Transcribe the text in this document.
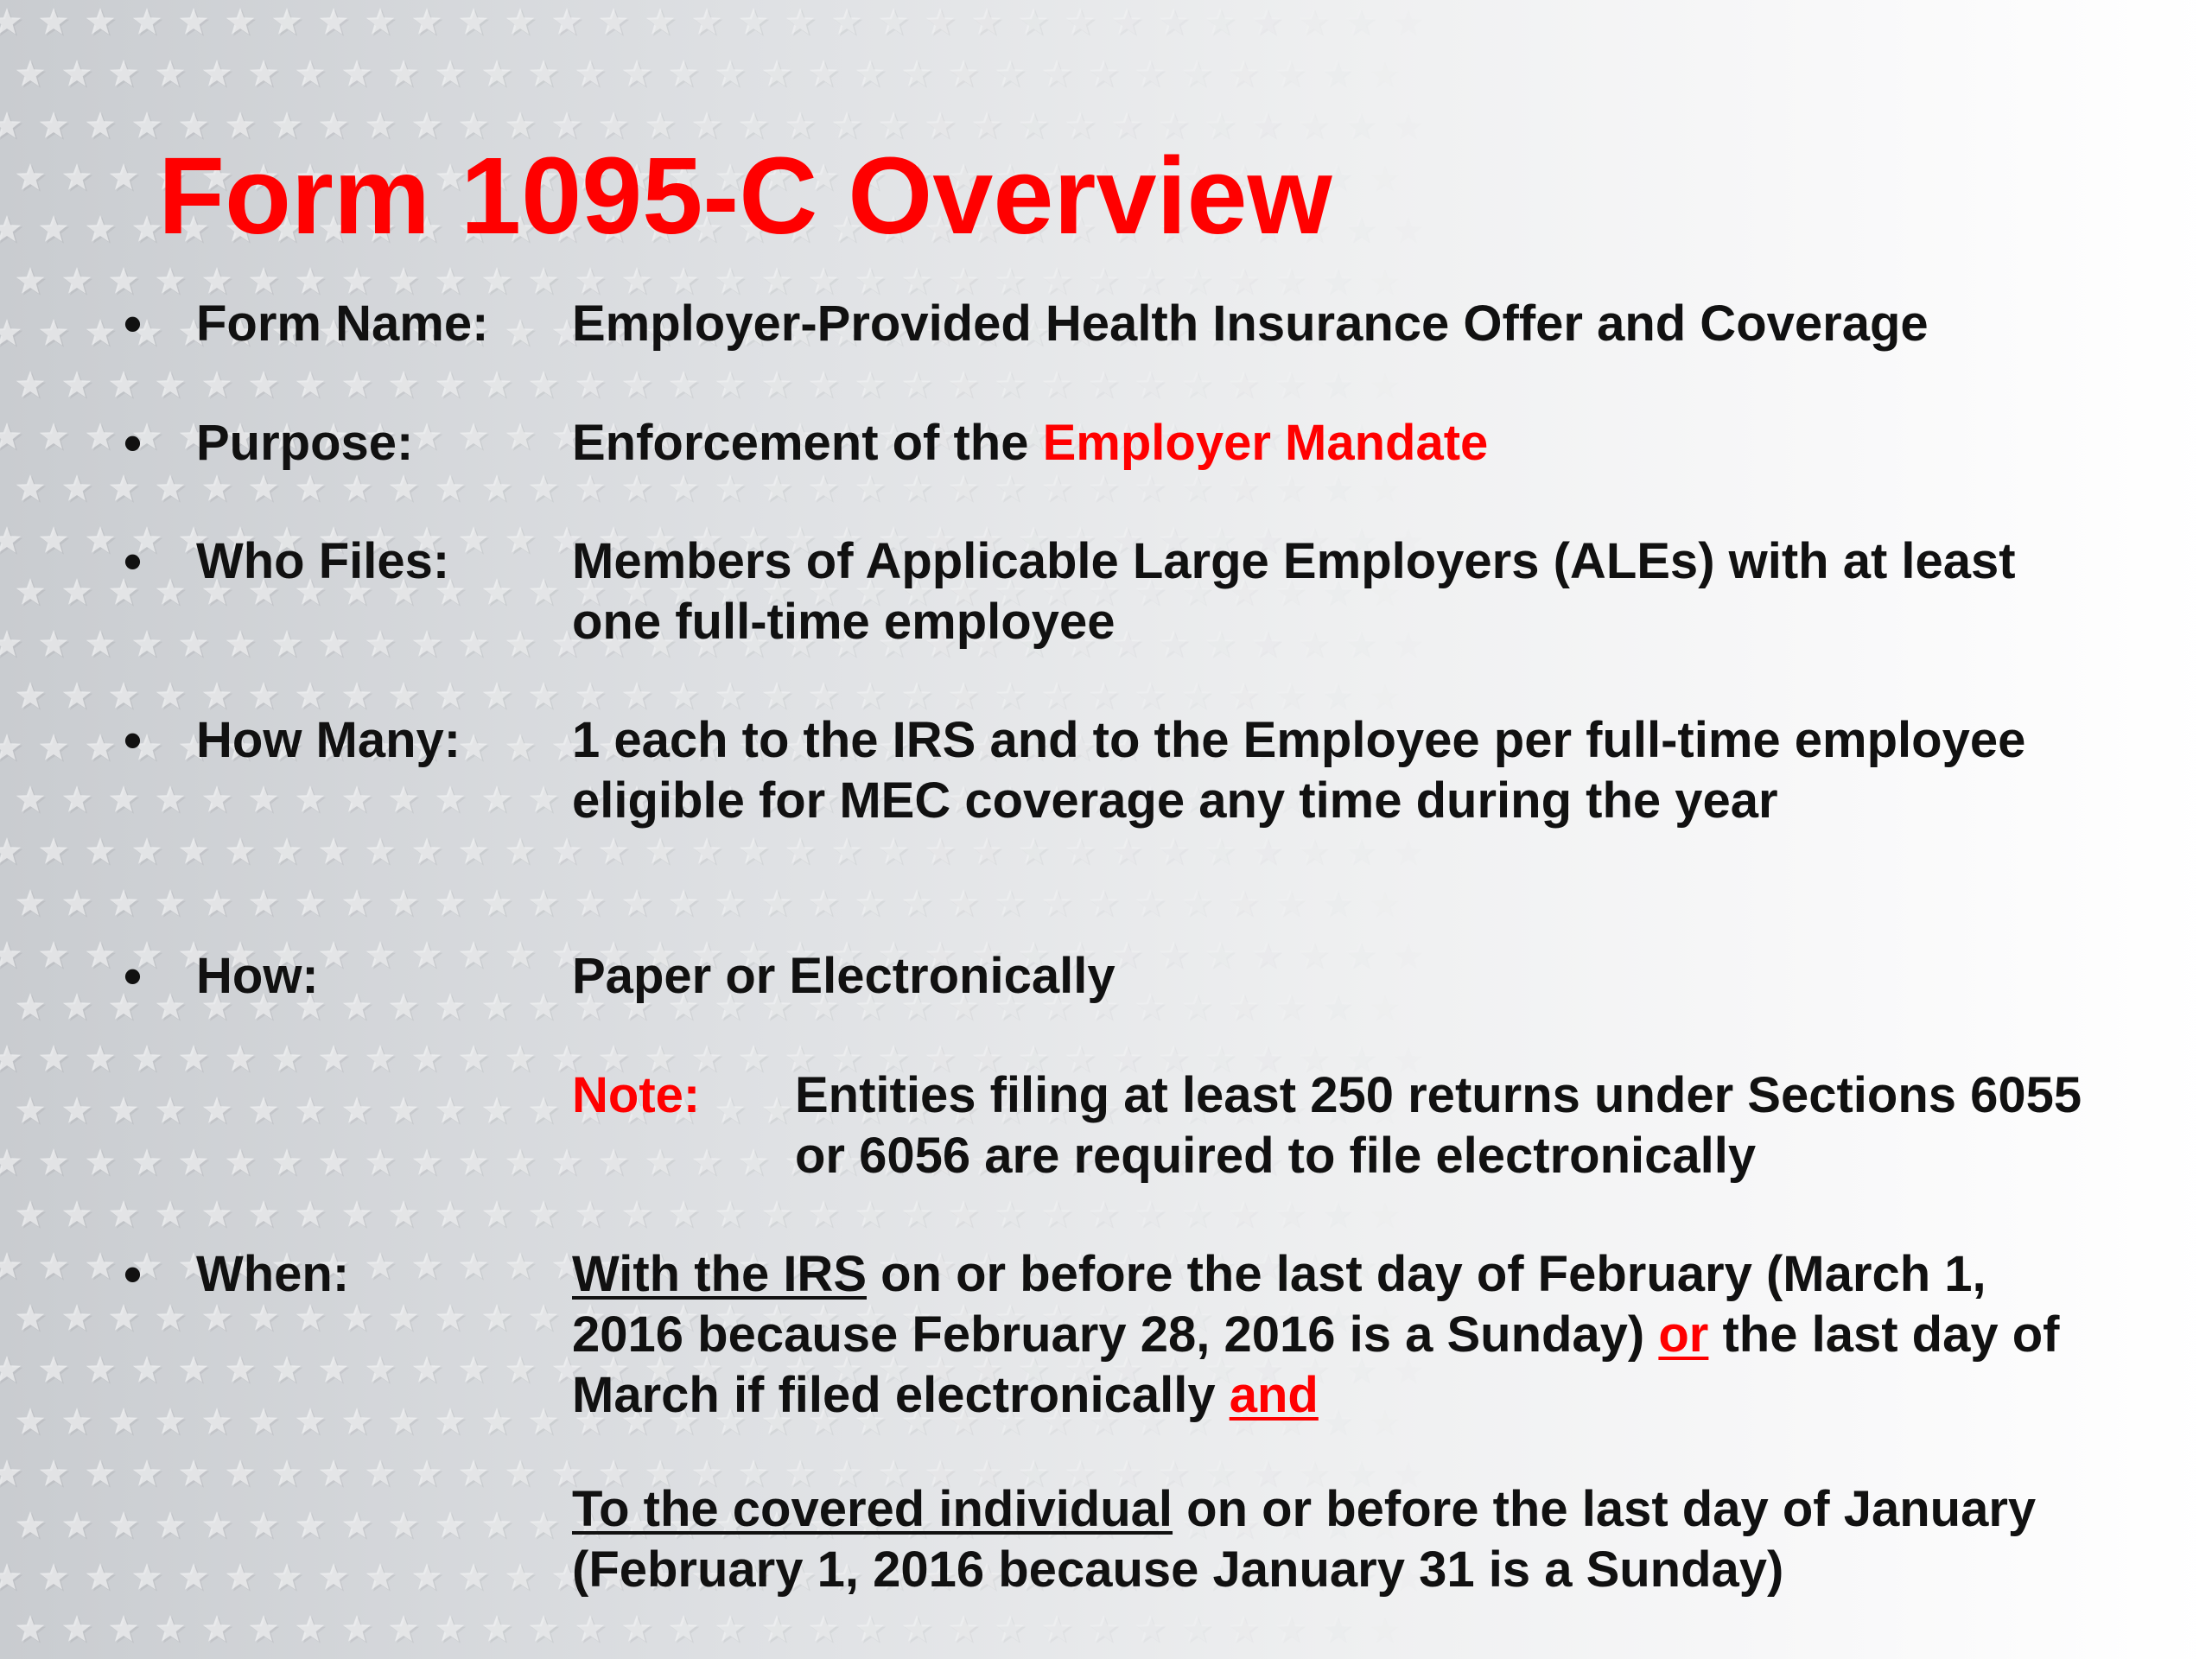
Form 1095-C Overview
• Form Name: Employer-Provided Health Insurance Offer and Coverage
• Purpose:	Enforcement of the Employer Mandate
• Who Files: Members of Applicable Large Employers (ALEs) with at least one full-time employee
• How Many: 1 each to the IRS and to the Employee per full-time employee eligible for MEC coverage any time during the year
• How:	Paper or Electronically
Note: Entities filing at least 250 returns under Sections 6055 or 6056 are required to file electronically
• When:	With the IRS on or before the last day of February (March 1, 2016 because February 28, 2016 is a Sunday) or the last day of March if filed electronically and
To the covered individual on or before the last day of January (February 1, 2016 because January 31 is a Sunday)
